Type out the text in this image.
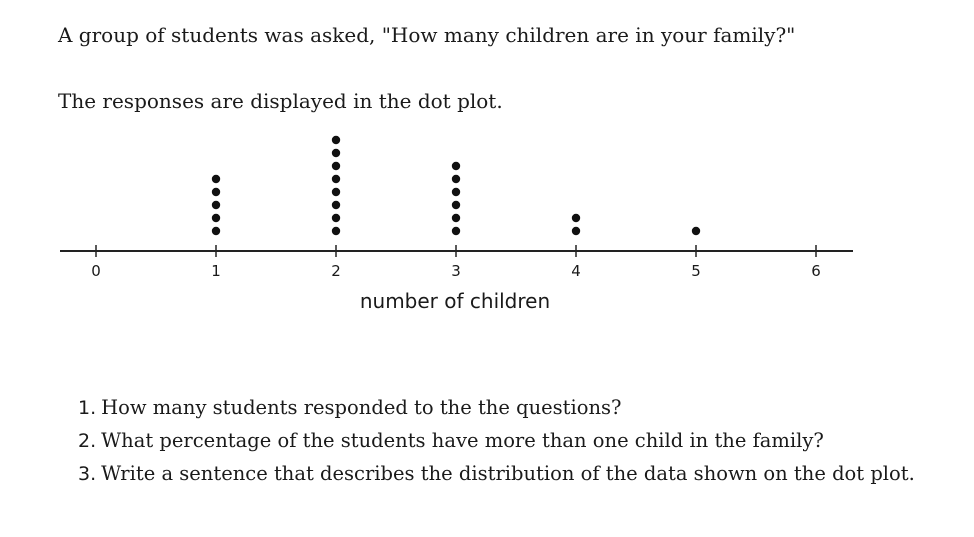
A group of students was asked, "How many children are in your family?"

The responses are displayed in the dot plot.

0	1	2	3	4	5	6
number of children
1. How many students responded to the the questions?
2. What percentage of the students have more than one child in the family?
3. Write a sentence that describes the distribution of the data shown on the dot plot.
